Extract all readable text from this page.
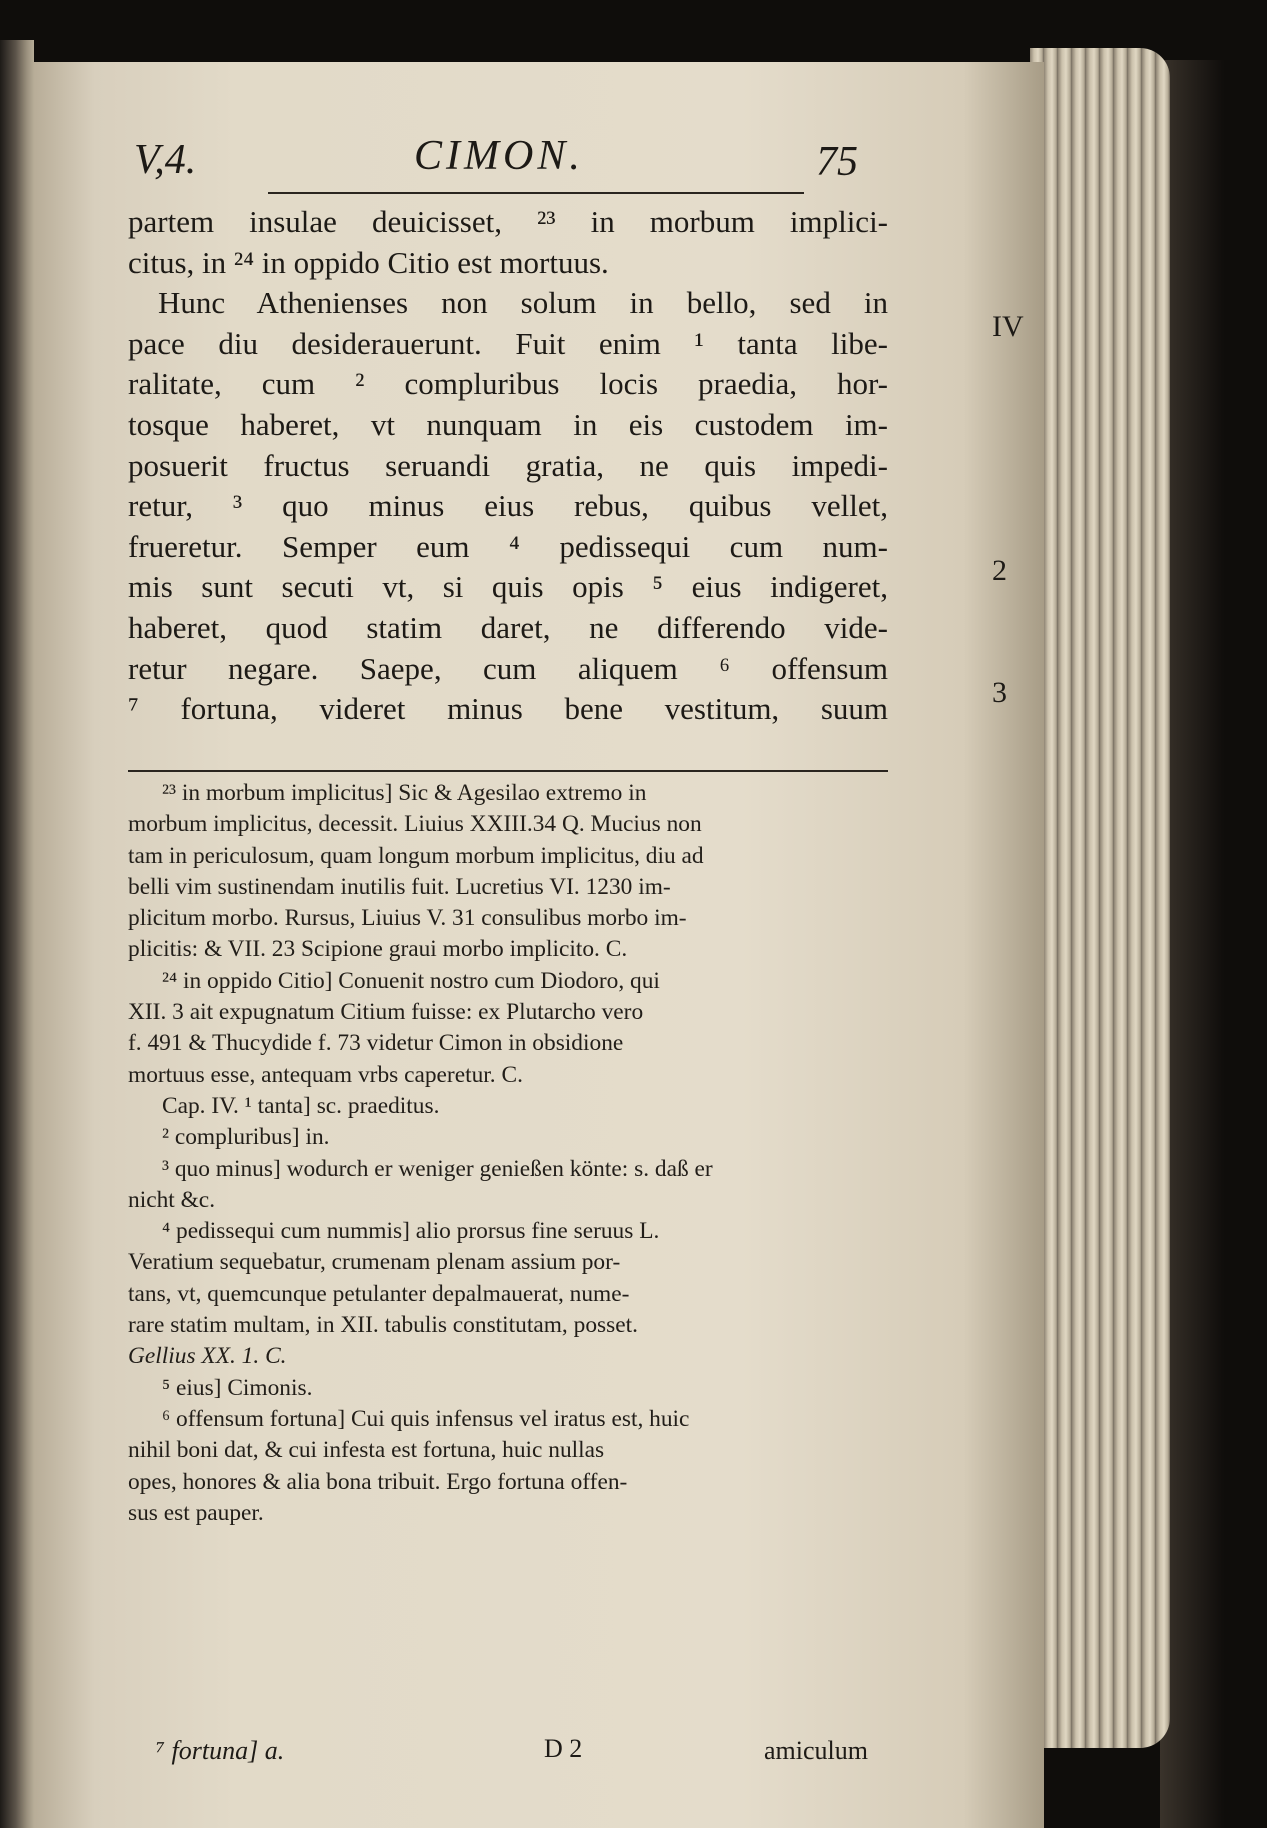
V,4.	CIMON.	75
partem insulae deuicisset, ²³ in morbum implici-
citus, in ²⁴ in oppido Citio est mortuus.
Hunc Athenienses non solum in bello, sed in
pace diu desiderauerunt. Fuit enim ¹ tanta libe-
ralitate, cum ² compluribus locis praedia, hor-
tosque haberet, vt nunquam in eis custodem im-
posuerit fructus seruandi gratia, ne quis impedi-
retur, ³ quo minus eius rebus, quibus vellet,
frueretur. Semper eum ⁴ pedissequi cum num-
mis sunt secuti vt, si quis opis ⁵ eius indigeret,
haberet, quod statim daret, ne differendo vide-
retur negare. Saepe, cum aliquem ⁶ offensum
⁷ fortuna, videret minus bene vestitum, suum
IV
2
3
²³ in morbum implicitus] Sic & Agesilao extremo in
morbum implicitus, decessit. Liuius XXIII.34 Q. Mucius non
tam in periculosum, quam longum morbum implicitus, diu ad
belli vim sustinendam inutilis fuit. Lucretius VI. 1230 im-
plicitum morbo. Rursus, Liuius V. 31 consulibus morbo im-
plicitis: & VII. 23 Scipione graui morbo implicito. C.
²⁴ in oppido Citio] Conuenit nostro cum Diodoro, qui
XII. 3 ait expugnatum Citium fuisse: ex Plutarcho vero
f. 491 & Thucydide f. 73 videtur Cimon in obsidione
mortuus esse, antequam vrbs caperetur. C.
Cap. IV. ¹ tanta] sc. praeditus.
² compluribus] in.
³ quo minus] wodurch er weniger genießen könte: s. daß er
nicht &c.
⁴ pedissequi cum nummis] alio prorsus fine seruus L.
Veratium sequebatur, crumenam plenam assium por-
tans, vt, quemcunque petulanter depalmauerat, nume-
rare statim multam, in XII. tabulis constitutam, posset.
Gellius XX. 1. C.
⁵ eius] Cimonis.
⁶ offensum fortuna] Cui quis infensus vel iratus est, huic
nihil boni dat, & cui infesta est fortuna, huic nullas
opes, honores & alia bona tribuit. Ergo fortuna offen-
sus est pauper.
⁷ fortuna] a.	D 2	amiculum
